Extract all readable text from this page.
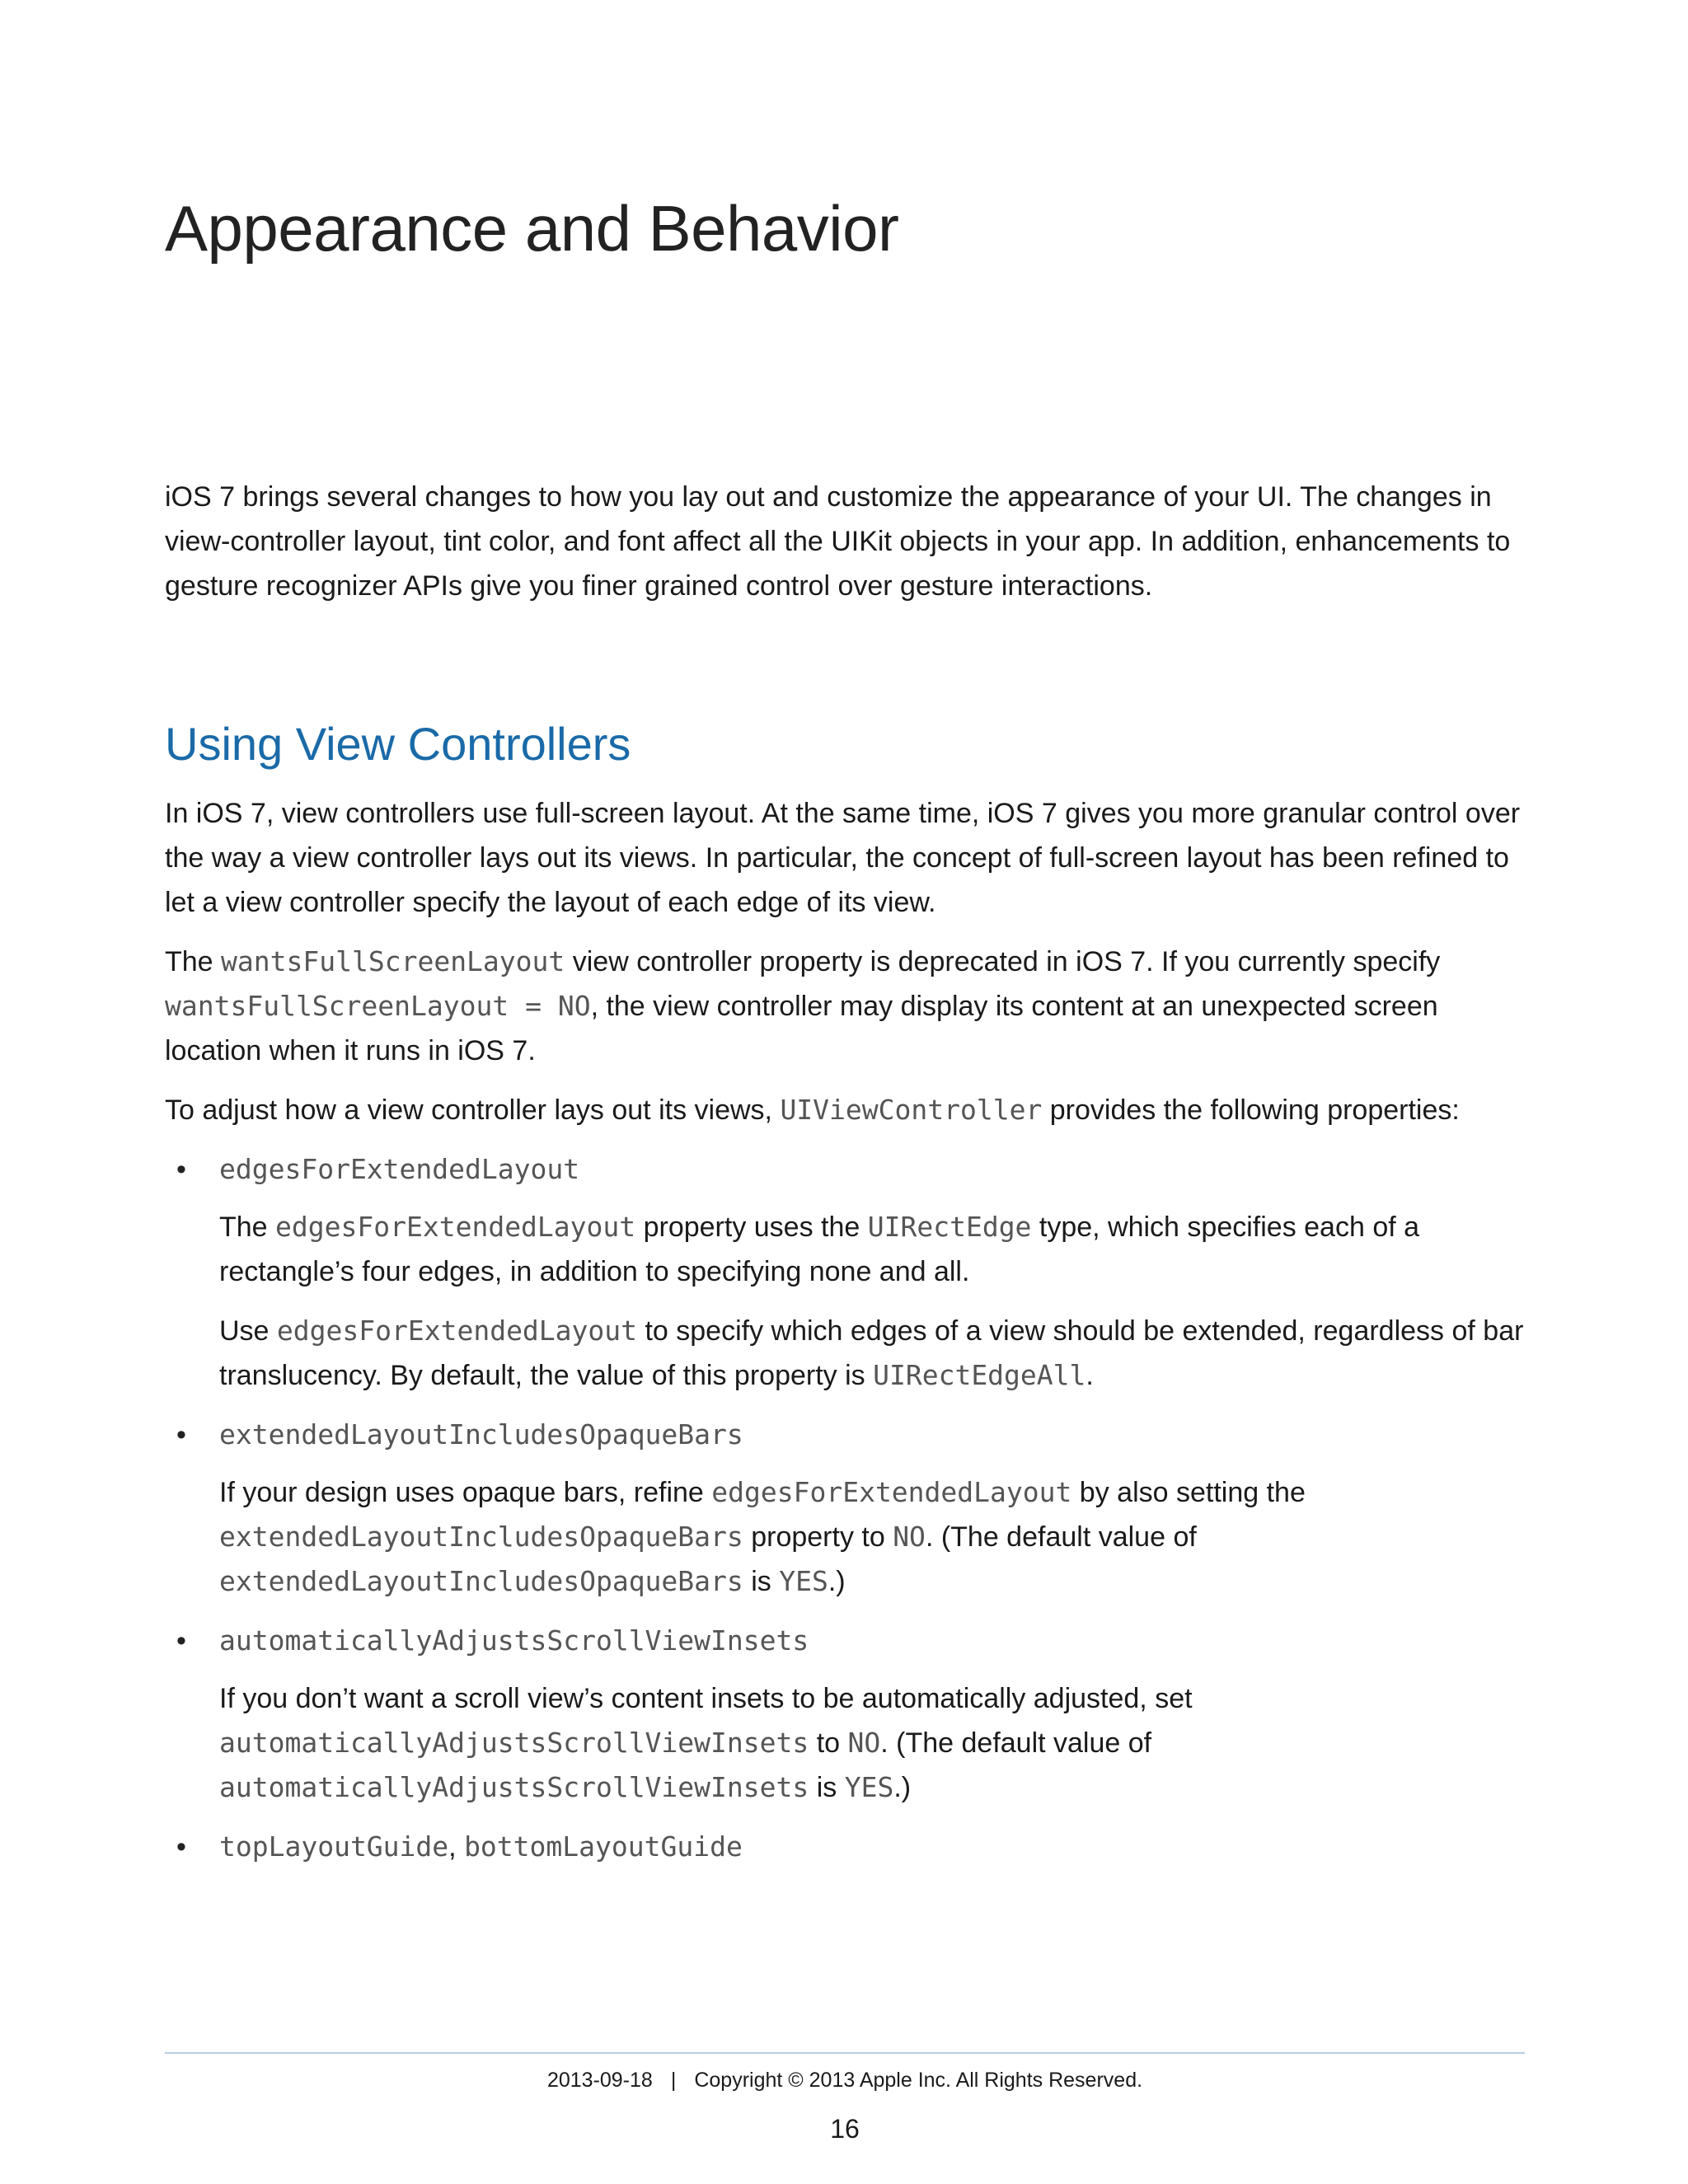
Appearance and Behavior

iOS 7 brings several changes to how you lay out and customize the appearance of your UI. The changes in view-controller layout, tint color, and font affect all the UIKit objects in your app. In addition, enhancements to gesture recognizer APIs give you finer grained control over gesture interactions.

Using View Controllers

In iOS 7, view controllers use full-screen layout. At the same time, iOS 7 gives you more granular control over the way a view controller lays out its views. In particular, the concept of full-screen layout has been refined to let a view controller specify the layout of each edge of its view.

The wantsFullScreenLayout view controller property is deprecated in iOS 7. If you currently specify wantsFullScreenLayout = NO, the view controller may display its content at an unexpected screen location when it runs in iOS 7.

To adjust how a view controller lays out its views, UIViewController provides the following properties:

• edgesForExtendedLayout

The edgesForExtendedLayout property uses the UIRectEdge type, which specifies each of a rectangle’s four edges, in addition to specifying none and all.

Use edgesForExtendedLayout to specify which edges of a view should be extended, regardless of bar translucency. By default, the value of this property is UIRectEdgeAll.

• extendedLayoutIncludesOpaqueBars

If your design uses opaque bars, refine edgesForExtendedLayout by also setting the extendedLayoutIncludesOpaqueBars property to NO. (The default value of extendedLayoutIncludesOpaqueBars is YES.)

• automaticallyAdjustsScrollViewInsets

If you don’t want a scroll view’s content insets to be automatically adjusted, set automaticallyAdjustsScrollViewInsets to NO. (The default value of automaticallyAdjustsScrollViewInsets is YES.)

• topLayoutGuide, bottomLayoutGuide

2013-09-18 | Copyright © 2013 Apple Inc. All Rights Reserved.
16
